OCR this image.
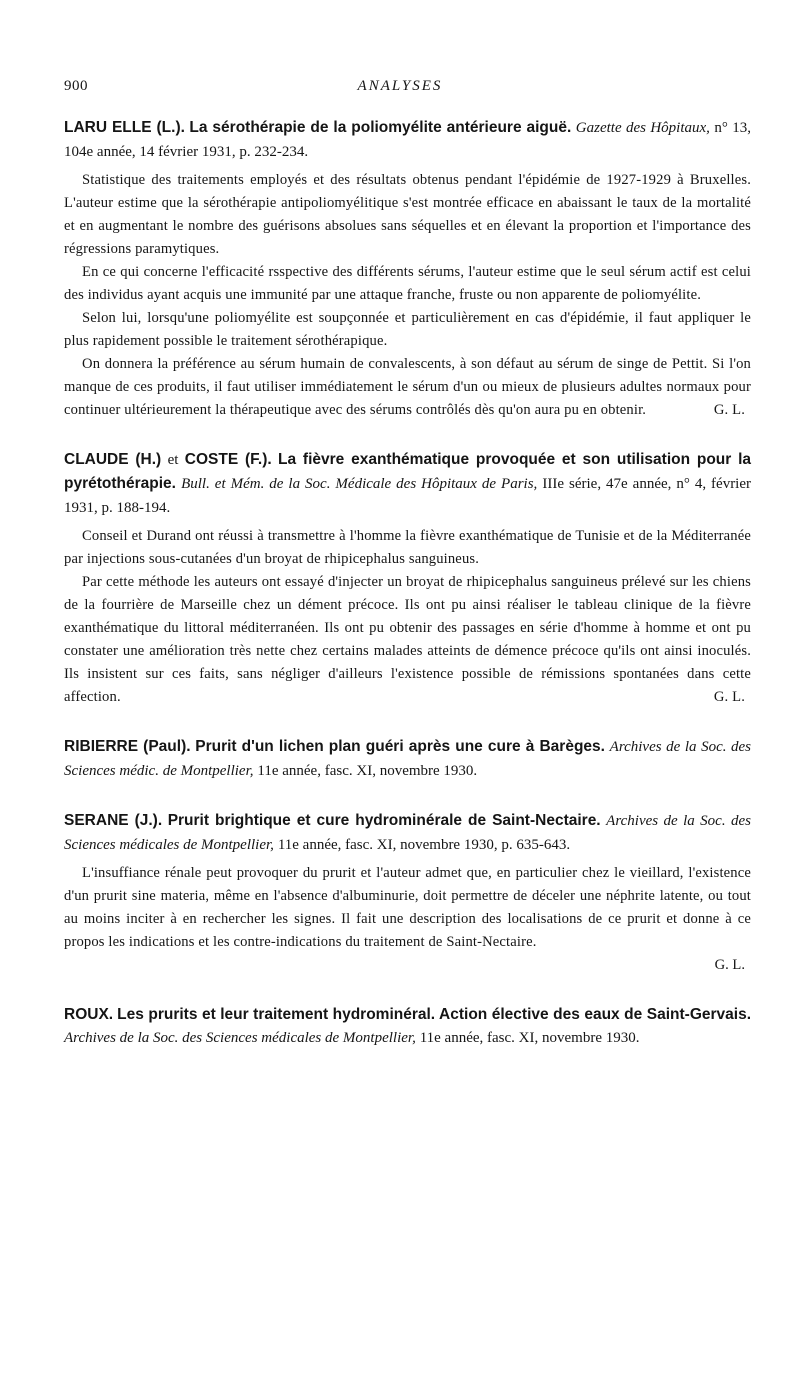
900	ANALYSES

LARU ELLE (L.). La sérothérapie de la poliomyélite antérieure aiguë. Gazette des Hôpitaux, n° 13, 104e année, 14 février 1931, p. 232-234.

Statistique des traitements employés et des résultats obtenus pendant l'épidémie de 1927-1929 à Bruxelles. L'auteur estime que la sérothérapie antipoliomyélitique s'est montrée efficace en abaissant le taux de la mortalité et en augmentant le nombre des guérisons absolues sans séquelles et en élevant la proportion et l'importance des régressions paramytiques.

En ce qui concerne l'efficacité rsspective des différents sérums, l'auteur estime que le seul sérum actif est celui des individus ayant acquis une immunité par une attaque franche, fruste ou non apparente de poliomyélite.

Selon lui, lorsqu'une poliomyélite est soupçonnée et particulièrement en cas d'épidémie, il faut appliquer le plus rapidement possible le traitement sérothérapique.

On donnera la préférence au sérum humain de convalescents, à son défaut au sérum de singe de Pettit. Si l'on manque de ces produits, il faut utiliser immédiatement le sérum d'un ou mieux de plusieurs adultes normaux pour continuer ultérieurement la thérapeutique avec des sérums contrôlés dès qu'on aura pu en obtenir.	G. L.

CLAUDE (H.) et COSTE (F.). La fièvre exanthématique provoquée et son utilisation pour la pyrétothérapie. Bull. et Mém. de la Soc. Médicale des Hôpitaux de Paris, IIIe série, 47e année, n° 4, février 1931, p. 188-194.

Conseil et Durand ont réussi à transmettre à l'homme la fièvre exanthématique de Tunisie et de la Méditerranée par injections sous-cutanées d'un broyat de rhipicephalus sanguineus.

Par cette méthode les auteurs ont essayé d'injecter un broyat de rhipicephalus sanguineus prélevé sur les chiens de la fourrière de Marseille chez un dément précoce. Ils ont pu ainsi réaliser le tableau clinique de la fièvre exanthématique du littoral méditerranéen. Ils ont pu obtenir des passages en série d'homme à homme et ont pu constater une amélioration très nette chez certains malades atteints de démence précoce qu'ils ont ainsi inoculés. Ils insistent sur ces faits, sans négliger d'ailleurs l'existence possible de rémissions spontanées dans cette affection.	G. L.

RIBIERRE (Paul). Prurit d'un lichen plan guéri après une cure à Barèges. Archives de la Soc. des Sciences médic. de Montpellier, 11e année, fasc. XI, novembre 1930.

SERANE (J.). Prurit brightique et cure hydrominérale de Saint-Nectaire. Archives de la Soc. des Sciences médicales de Montpellier, 11e année, fasc. XI, novembre 1930, p. 635-643.

L'insuffiance rénale peut provoquer du prurit et l'auteur admet que, en particulier chez le vieillard, l'existence d'un prurit sine materia, même en l'absence d'albuminurie, doit permettre de déceler une néphrite latente, ou tout au moins inciter à en rechercher les signes. Il fait une description des localisations de ce prurit et donne à ce propos les indications et les contre-indications du traitement de Saint-Nectaire.

G. L.

ROUX. Les prurits et leur traitement hydrominéral. Action élective des eaux de Saint-Gervais. Archives de la Soc. des Sciences médicales de Montpellier, 11e année, fasc. XI, novembre 1930.
